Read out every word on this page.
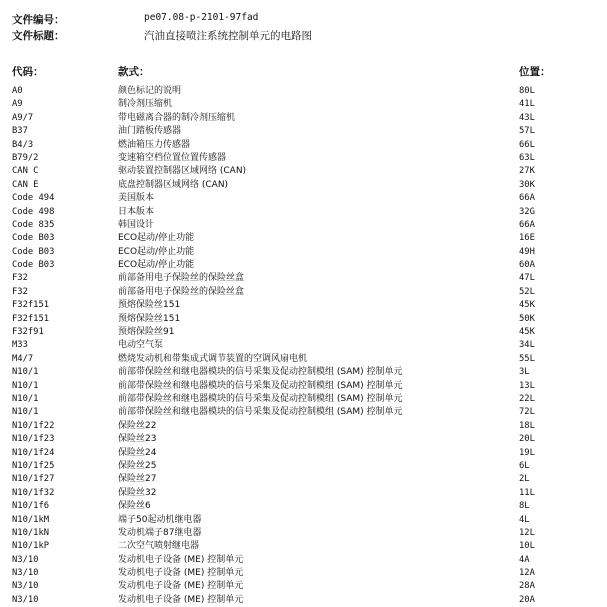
文件编号：	pe07.08-p-2101-97fad
文件标题：	汽油直接喷注系统控制单元的电路图
代码：	款式：	位置：
A0	颜色标记的说明	80L
A9	制冷剂压缩机	41L
A9/7	带电磁离合器的制冷剂压缩机	43L
B37	油门踏板传感器	57L
B4/3	燃油箱压力传感器	66L
B79/2	变速箱空档位置位置传感器	63L
CAN C	驱动装置控制器区域网络 (CAN)	27K
CAN E	底盘控制器区域网络 (CAN)	30K
Code 494	美国版本	66A
Code 498	日本版本	32G
Code 835	韩国设计	66A
Code B03	ECO起动/停止功能	16E
Code B03	ECO起动/停止功能	49H
Code B03	ECO起动/停止功能	60A
F32	前部备用电子保险丝的保险丝盒	47L
F32	前部备用电子保险丝的保险丝盒	52L
F32f151	预熔保险丝151	45K
F32f151	预熔保险丝151	50K
F32f91	预熔保险丝91	45K
M33	电动空气泵	34L
M4/7	燃烧发动机和带集成式调节装置的空调风扇电机	55L
N10/1	前部带保险丝和继电器模块的信号采集及促动控制模组 (SAM) 控制单元	3L
N10/1	前部带保险丝和继电器模块的信号采集及促动控制模组 (SAM) 控制单元	13L
N10/1	前部带保险丝和继电器模块的信号采集及促动控制模组 (SAM) 控制单元	22L
N10/1	前部带保险丝和继电器模块的信号采集及促动控制模组 (SAM) 控制单元	72L
N10/1f22	保险丝22	18L
N10/1f23	保险丝23	20L
N10/1f24	保险丝24	19L
N10/1f25	保险丝25	6L
N10/1f27	保险丝27	2L
N10/1f32	保险丝32	11L
N10/1f6	保险丝6	8L
N10/1kM	端子50起动机继电器	4L
N10/1kN	发动机端子87继电器	12L
N10/1kP	二次空气喷射继电器	10L
N3/10	发动机电子设备 (ME) 控制单元	4A
N3/10	发动机电子设备 (ME) 控制单元	12A
N3/10	发动机电子设备 (ME) 控制单元	28A
N3/10	发动机电子设备 (ME) 控制单元	20A
